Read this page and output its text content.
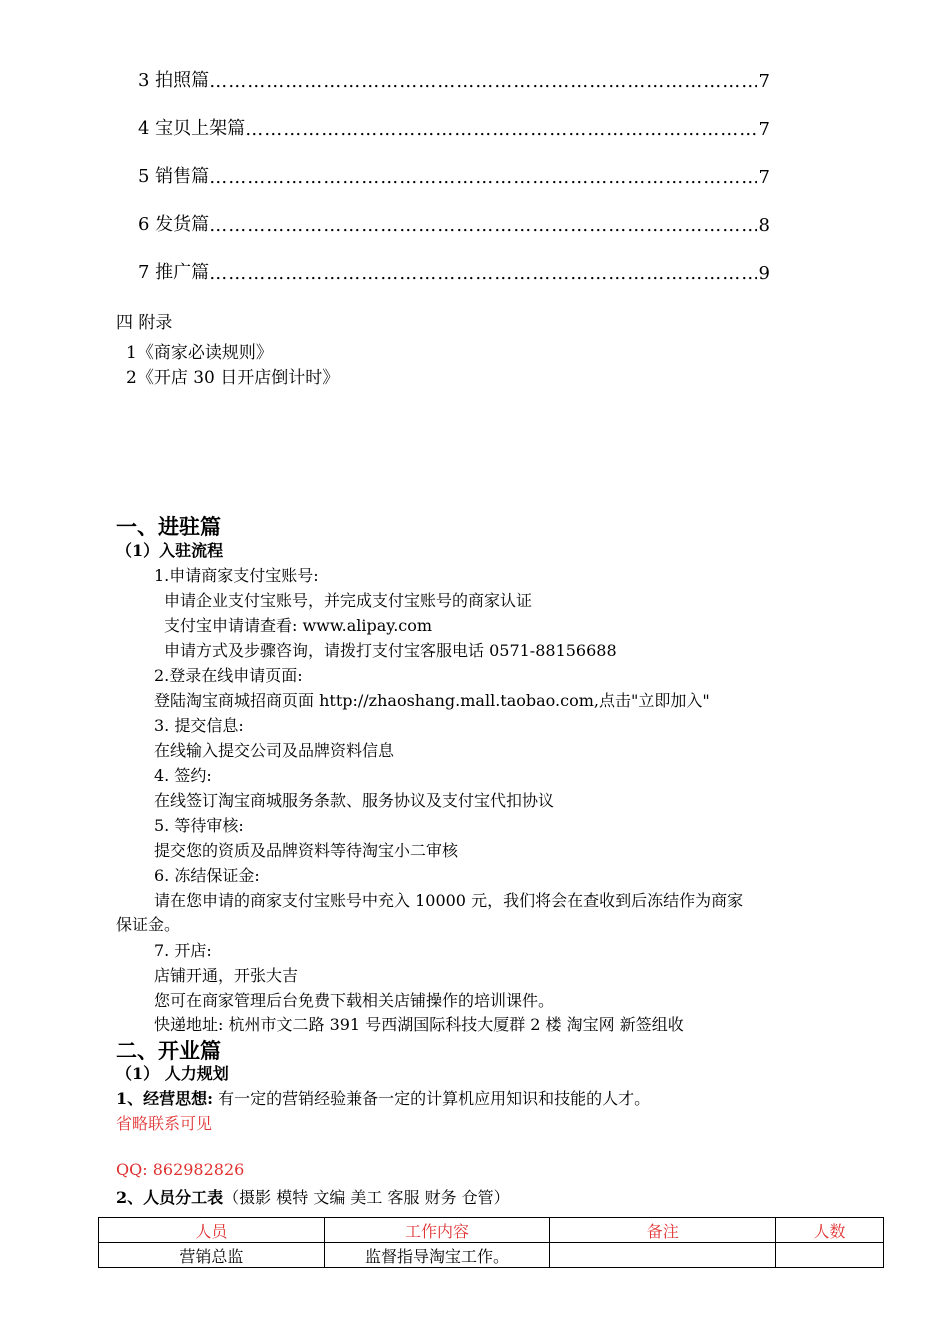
3 拍照篇 ……………………………………………………………………………………………………………………………………………	7
4 宝贝上架篇 ……………………………………………………………………………………………………………………………………………	7
5 销售篇 ……………………………………………………………………………………………………………………………………………	7
6 发货篇 ……………………………………………………………………………………………………………………………………………	8
7 推广篇 ……………………………………………………………………………………………………………………………………………	9
四 附录
1《商家必读规则》
2《开店 30 日开店倒计时》
一、进驻篇
（1）入驻流程
1.申请商家支付宝账号:
申请企业支付宝账号，并完成支付宝账号的商家认证
支付宝申请请查看: www.alipay.com
申请方式及步骤咨询，请拨打支付宝客服电话 0571-88156688
2.登录在线申请页面:
登陆淘宝商城招商页面 http://zhaoshang.mall.taobao.com,点击"立即加入"
3. 提交信息:
在线输入提交公司及品牌资料信息
4. 签约:
在线签订淘宝商城服务条款、服务协议及支付宝代扣协议
5. 等待审核:
提交您的资质及品牌资料等待淘宝小二审核
6. 冻结保证金:
请在您申请的商家支付宝账号中充入 10000 元，我们将会在查收到后冻结作为商家
保证金。
7. 开店:
店铺开通，开张大吉
您可在商家管理后台免费下载相关店铺操作的培训课件。
快递地址: 杭州市文二路 391 号西湖国际科技大厦群 2 楼 淘宝网 新签组收
二、开业篇
（1） 人力规划
1、经营思想: 有一定的营销经验兼备一定的计算机应用知识和技能的人才。
省略联系可见
QQ: 862982826
2、人员分工表（摄影 模特 文编 美工 客服 财务 仓管）
人员	工作内容	备注	人数
营销总监	监督指导淘宝工作。		
